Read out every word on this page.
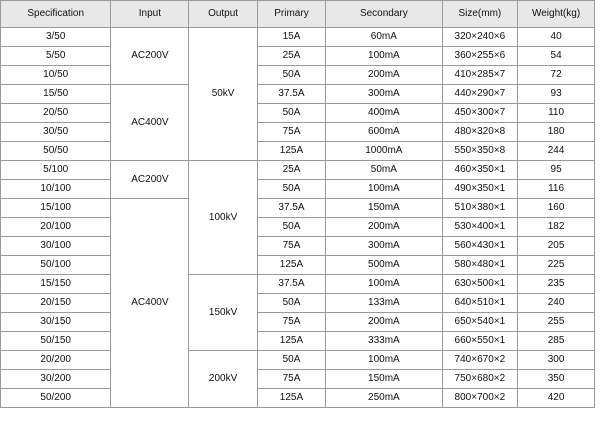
Specification	Input	Output	Primary	Secondary	Size(mm)	Weight(kg)
3/50	AC200V	50kV	15A	60mA	320×240×6	40
5/50			25A	100mA	360×255×6	54
10/50			50A	200mA	410×285×7	72
15/50	AC400V		37.5A	300mA	440×290×7	93
20/50			50A	400mA	450×300×7	110
30/50			75A	600mA	480×320×8	180
50/50			125A	1000mA	550×350×8	244
5/100	AC200V	100kV	25A	50mA	460×350×1	95
10/100			50A	100mA	490×350×1	116
15/100	AC400V		37.5A	150mA	510×380×1	160
20/100			50A	200mA	530×400×1	182
30/100			75A	300mA	560×430×1	205
50/100			125A	500mA	580×480×1	225
15/150		150kV	37.5A	100mA	630×500×1	235
20/150			50A	133mA	640×510×1	240
30/150			75A	200mA	650×540×1	255
50/150			125A	333mA	660×550×1	285
20/200		200kV	50A	100mA	740×670×2	300
30/200			75A	150mA	750×680×2	350
50/200			125A	250mA	800×700×2	420
